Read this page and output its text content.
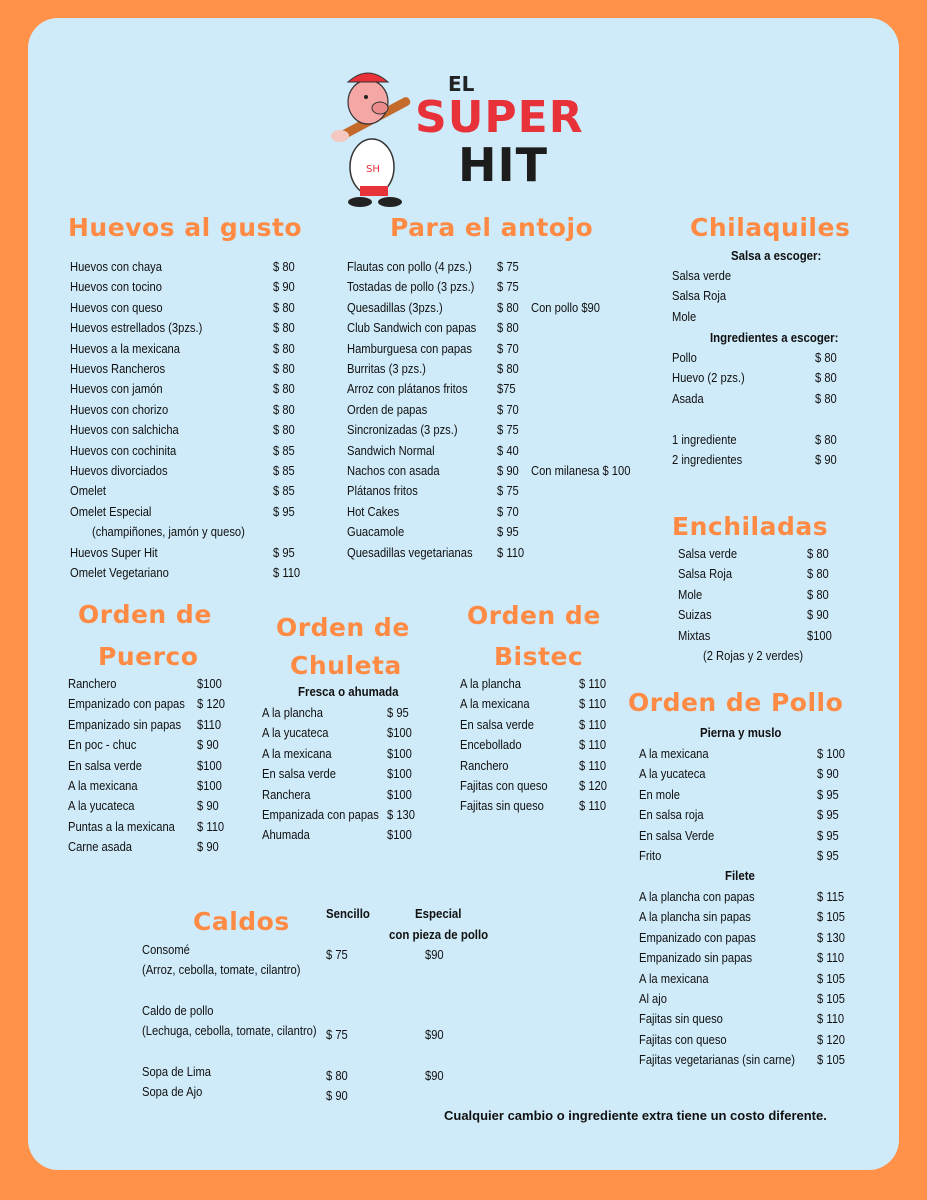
SH
EL
SUPER
HIT
Huevos al gusto	Para el antojo	Chilaquiles
Enchiladas
Orden de
Puerco
Orden de
Chuleta
Orden de
Bistec
Orden de Pollo
Caldos
Huevos con chaya	$ 80
Huevos con tocino	$ 90
Huevos con queso	$ 80
Huevos estrellados (3pzs.)	$ 80
Huevos a la mexicana	$ 80
Huevos Rancheros	$ 80
Huevos con jamón	$ 80
Huevos con chorizo	$ 80
Huevos con salchicha	$ 80
Huevos con cochinita	$ 85
Huevos divorciados	$ 85
Omelet	$ 85
Omelet Especial	$ 95
(champiñones, jamón y queso)
Huevos Super Hit	$ 95
Omelet Vegetariano	$ 110
Flautas con pollo (4 pzs.) $ 75
Tostadas de pollo (3 pzs.) $ 75
Quesadillas (3pzs.)	$ 80 Con pollo $90
Club Sandwich con papas $ 80
Hamburguesa con papas $ 70
Burritas (3 pzs.)	$ 80
Arroz con plátanos fritos $75
Orden de papas	$ 70
Sincronizadas (3 pzs.)	$ 75
Sandwich Normal	$ 40
Nachos con asada	$ 90 Con milanesa $ 100
Plátanos fritos	$ 75
Hot Cakes	$ 70
Guacamole	$ 95
Quesadillas vegetarianas $ 110
Pollo	$ 80
Huevo (2 pzs.)	$ 80
Asada	$ 80
1 ingrediente	$ 80
2 ingredientes	$ 90
Salsa verde	$ 80
Salsa Roja	$ 80
Mole	$ 80
Suizas	$ 90
Mixtas	$100
Ranchero	$100
Empanizado con papas $ 120
Empanizado sin papas $110
En poc - chuc	$ 90
En salsa verde	$100
A la mexicana	$100
A la yucateca	$ 90
Puntas a la mexicana $ 110
Carne asada	$ 90
A la plancha	$ 95
A la yucateca	$100
A la mexicana	$100
En salsa verde	$100
Ranchera	$100
Empanizada con papas $ 130
Ahumada	$100
A la plancha	$ 110
A la mexicana	$ 110
En salsa verde	$ 110
Encebollado	$ 110
Ranchero	$ 110
Fajitas con queso $ 120
Fajitas sin queso	$ 110
A la mexicana	$ 100
A la yucateca	$ 90
En mole	$ 95
En salsa roja	$ 95
En salsa Verde	$ 95
Frito	$ 95
A la plancha con papas	$ 115
A la plancha sin papas	$ 105
Empanizado con papas	$ 130
Empanizado sin papas	$ 110
A la mexicana	$ 105
Al ajo	$ 105
Fajitas sin queso	$ 110
Fajitas con queso	$ 120
Fajitas vegetarianas (sin carne) $ 105
Salsa verde
Salsa Roja
Mole
Sencillo	Especial
con pieza de pollo
Consomé
(Arroz, cebolla, tomate, cilantro)
$ 75	$90
Caldo de pollo
(Lechuga, cebolla, tomate, cilantro) $ 75	$90
Sopa de Lima	$ 80	$90
Sopa de Ajo	$ 90
Cualquier cambio o ingrediente extra tiene un costo diferente.
Salsa a escoger:
Ingredientes a escoger:
(2 Rojas y 2 verdes)
Fresca o ahumada
Pierna y muslo
Filete
